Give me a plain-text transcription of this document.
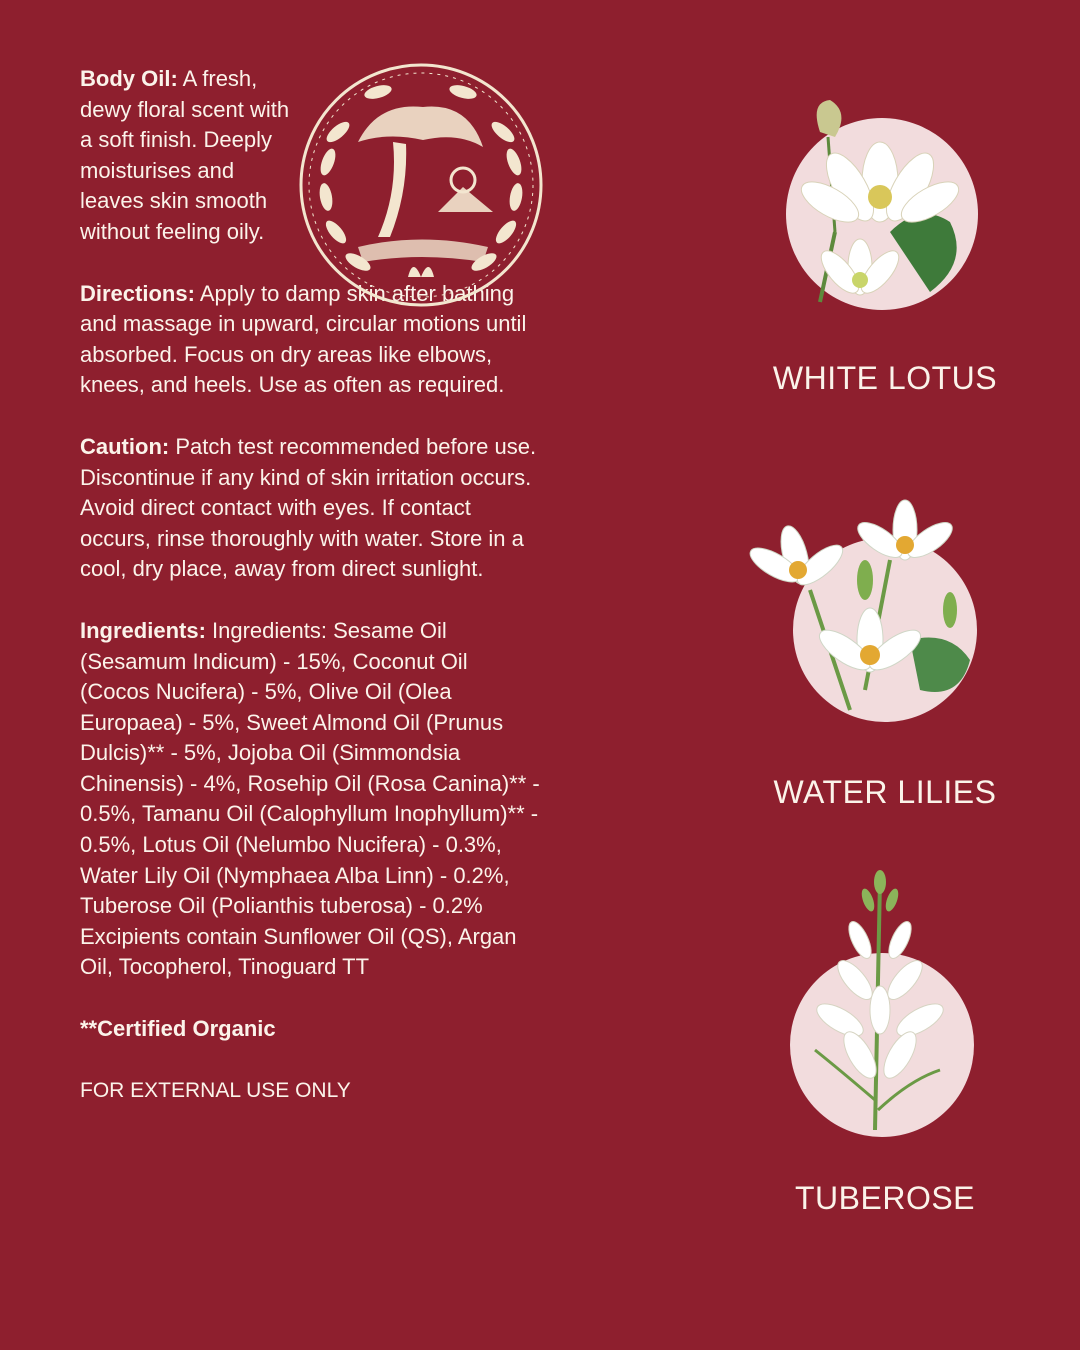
Body Oil: A fresh, dewy floral scent with a soft finish. Deeply moisturises and leaves skin smooth without feeling oily.

Directions: Apply to damp skin after bathing and massage in upward, circular motions until absorbed. Focus on dry areas like elbows, knees, and heels. Use as often as required.

Caution: Patch test recommended before use. Discontinue if any kind of skin irritation occurs. Avoid direct contact with eyes. If contact occurs, rinse thoroughly with water. Store in a cool, dry place, away from direct sunlight.

Ingredients: Ingredients: Sesame Oil (Sesamum Indicum) - 15%, Coconut Oil (Cocos Nucifera) - 5%, Olive Oil (Olea Europaea) - 5%, Sweet Almond Oil (Prunus Dulcis)** - 5%, Jojoba Oil (Simmondsia Chinensis) - 4%, Rosehip Oil (Rosa Canina)** - 0.5%, Tamanu Oil (Calophyllum Inophyllum)** - 0.5%, Lotus Oil (Nelumbo Nucifera) - 0.3%, Water Lily Oil (Nymphaea Alba Linn) - 0.2%, Tuberose Oil (Polianthis tuberosa) - 0.2%
Excipients contain Sunflower Oil (QS), Argan Oil, Tocopherol, Tinoguard TT

**Certified Organic

FOR EXTERNAL USE ONLY

WHITE LOTUS
WATER LILIES
TUBEROSE
